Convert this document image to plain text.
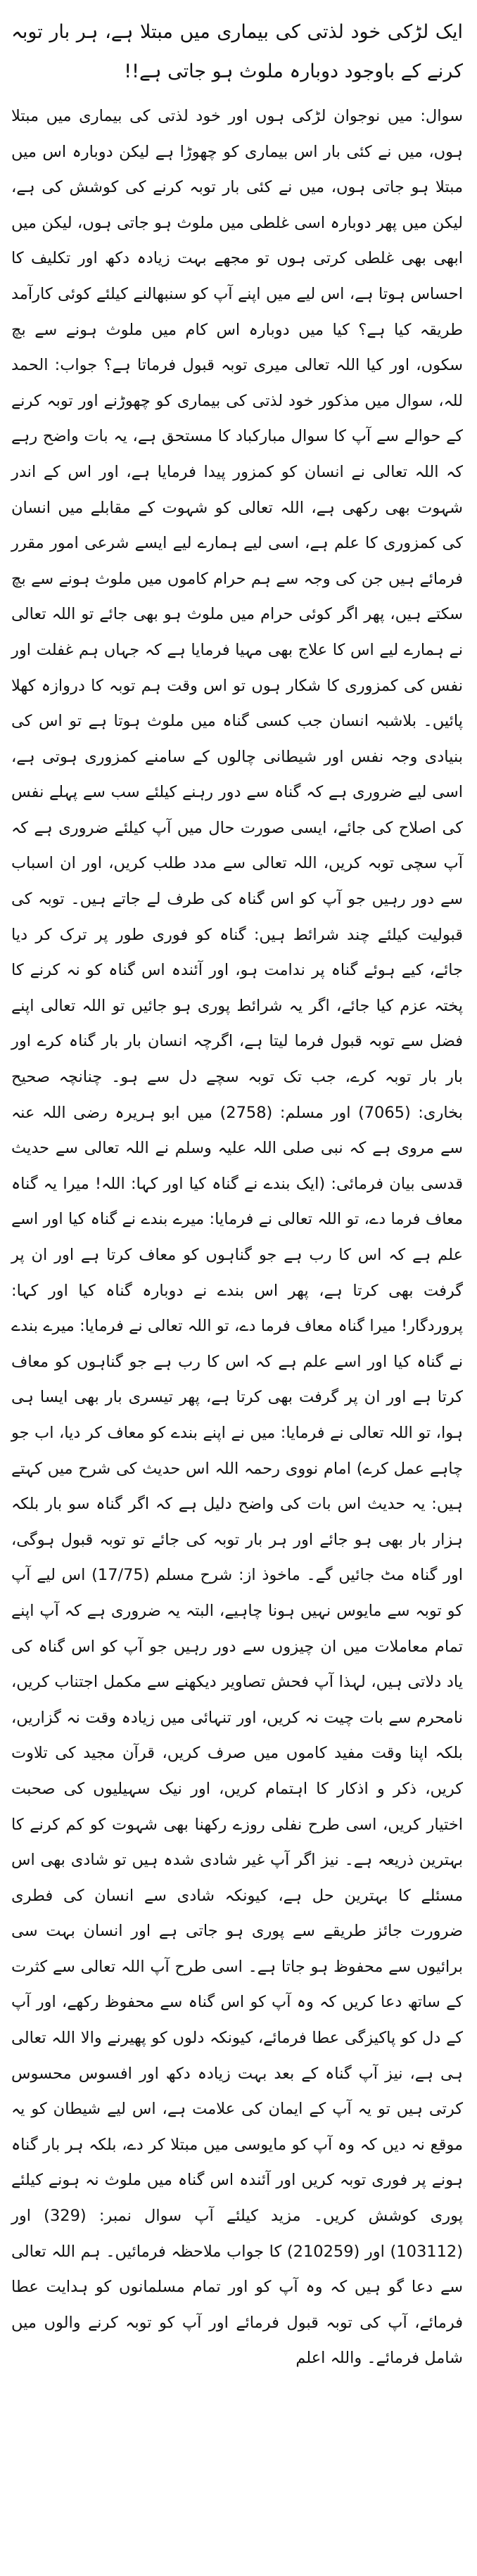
ایک لڑکی خود لذتی کی بیماری میں مبتلا ہے، ہر بار توبہ کرنے کے باوجود دوبارہ ملوث ہو جاتی ہے!!

سوال: میں نوجوان لڑکی ہوں اور خود لذتی کی بیماری میں مبتلا ہوں، میں نے کئی بار اس بیماری کو چھوڑا ہے لیکن دوبارہ اس میں مبتلا ہو جاتی ہوں، میں نے کئی بار توبہ کرنے کی کوشش کی ہے، لیکن میں پھر دوبارہ اسی غلطی میں ملوث ہو جاتی ہوں، لیکن میں ابھی بھی غلطی کرتی ہوں تو مجھے بہت زیادہ دکھ اور تکلیف کا احساس ہوتا ہے، اس لیے میں اپنے آپ کو سنبھالنے کیلئے کوئی کارآمد طریقہ کیا ہے؟ کیا میں دوبارہ اس کام میں ملوث ہونے سے بچ سکوں، اور کیا اللہ تعالی میری توبہ قبول فرماتا ہے؟ جواب: الحمد للہ، سوال میں مذکور خود لذتی کی بیماری کو چھوڑنے اور توبہ کرنے کے حوالے سے آپ کا سوال مبارکباد کا مستحق ہے، یہ بات واضح رہے کہ اللہ تعالی نے انسان کو کمزور پیدا فرمایا ہے، اور اس کے اندر شہوت بھی رکھی ہے، اللہ تعالی کو شہوت کے مقابلے میں انسان کی کمزوری کا علم ہے، اسی لیے ہمارے لیے ایسے شرعی امور مقرر فرمائے ہیں جن کی وجہ سے ہم حرام کاموں میں ملوث ہونے سے بچ سکتے ہیں، پھر اگر کوئی حرام میں ملوث ہو بھی جائے تو اللہ تعالی نے ہمارے لیے اس کا علاج بھی مہیا فرمایا ہے کہ جہاں ہم غفلت اور نفس کی کمزوری کا شکار ہوں تو اس وقت ہم توبہ کا دروازہ کھلا پائیں۔ بلاشبہ انسان جب کسی گناہ میں ملوث ہوتا ہے تو اس کی بنیادی وجہ نفس اور شیطانی چالوں کے سامنے کمزوری ہوتی ہے، اسی لیے ضروری ہے کہ گناہ سے دور رہنے کیلئے سب سے پہلے نفس کی اصلاح کی جائے، ایسی صورت حال میں آپ کیلئے ضروری ہے کہ آپ سچی توبہ کریں، اللہ تعالی سے مدد طلب کریں، اور ان اسباب سے دور رہیں جو آپ کو اس گناہ کی طرف لے جاتے ہیں۔ توبہ کی قبولیت کیلئے چند شرائط ہیں: گناہ کو فوری طور پر ترک کر دیا جائے، کیے ہوئے گناہ پر ندامت ہو، اور آئندہ اس گناہ کو نہ کرنے کا پختہ عزم کیا جائے، اگر یہ شرائط پوری ہو جائیں تو اللہ تعالی اپنے فضل سے توبہ قبول فرما لیتا ہے، اگرچہ انسان بار بار گناہ کرے اور بار بار توبہ کرے، جب تک توبہ سچے دل سے ہو۔ چنانچہ صحیح بخاری: (7065) اور مسلم: (2758) میں ابو ہریرہ رضی اللہ عنہ سے مروی ہے کہ نبی صلی اللہ علیہ وسلم نے اللہ تعالی سے حدیث قدسی بیان فرمائی: (ایک بندے نے گناہ کیا اور کہا: اللہ! میرا یہ گناہ معاف فرما دے، تو اللہ تعالی نے فرمایا: میرے بندے نے گناہ کیا اور اسے علم ہے کہ اس کا رب ہے جو گناہوں کو معاف کرتا ہے اور ان پر گرفت بھی کرتا ہے، پھر اس بندے نے دوبارہ گناہ کیا اور کہا: پروردگار! میرا گناہ معاف فرما دے، تو اللہ تعالی نے فرمایا: میرے بندے نے گناہ کیا اور اسے علم ہے کہ اس کا رب ہے جو گناہوں کو معاف کرتا ہے اور ان پر گرفت بھی کرتا ہے، پھر تیسری بار بھی ایسا ہی ہوا، تو اللہ تعالی نے فرمایا: میں نے اپنے بندے کو معاف کر دیا، اب جو چاہے عمل کرے) امام نووی رحمہ اللہ اس حدیث کی شرح میں کہتے ہیں: یہ حدیث اس بات کی واضح دلیل ہے کہ اگر گناہ سو بار بلکہ ہزار بار بھی ہو جائے اور ہر بار توبہ کی جائے تو توبہ قبول ہوگی، اور گناہ مٹ جائیں گے۔ ماخوذ از: شرح مسلم (17/75) اس لیے آپ کو توبہ سے مایوس نہیں ہونا چاہیے، البتہ یہ ضروری ہے کہ آپ اپنے تمام معاملات میں ان چیزوں سے دور رہیں جو آپ کو اس گناہ کی یاد دلاتی ہیں، لہذا آپ فحش تصاویر دیکھنے سے مکمل اجتناب کریں، نامحرم سے بات چیت نہ کریں، اور تنہائی میں زیادہ وقت نہ گزاریں، بلکہ اپنا وقت مفید کاموں میں صرف کریں، قرآن مجید کی تلاوت کریں، ذکر و اذکار کا اہتمام کریں، اور نیک سہیلیوں کی صحبت اختیار کریں، اسی طرح نفلی روزے رکھنا بھی شہوت کو کم کرنے کا بہترین ذریعہ ہے۔ نیز اگر آپ غیر شادی شدہ ہیں تو شادی بھی اس مسئلے کا بہترین حل ہے، کیونکہ شادی سے انسان کی فطری ضرورت جائز طریقے سے پوری ہو جاتی ہے اور انسان بہت سی برائیوں سے محفوظ ہو جاتا ہے۔ اسی طرح آپ اللہ تعالی سے کثرت کے ساتھ دعا کریں کہ وہ آپ کو اس گناہ سے محفوظ رکھے، اور آپ کے دل کو پاکیزگی عطا فرمائے، کیونکہ دلوں کو پھیرنے والا اللہ تعالی ہی ہے، نیز آپ گناہ کے بعد بہت زیادہ دکھ اور افسوس محسوس کرتی ہیں تو یہ آپ کے ایمان کی علامت ہے، اس لیے شیطان کو یہ موقع نہ دیں کہ وہ آپ کو مایوسی میں مبتلا کر دے، بلکہ ہر بار گناہ ہونے پر فوری توبہ کریں اور آئندہ اس گناہ میں ملوث نہ ہونے کیلئے پوری کوشش کریں۔ مزید کیلئے آپ سوال نمبر: (329) اور (103112) اور (210259) کا جواب ملاحظہ فرمائیں۔ ہم اللہ تعالی سے دعا گو ہیں کہ وہ آپ کو اور تمام مسلمانوں کو ہدایت عطا فرمائے، آپ کی توبہ قبول فرمائے اور آپ کو توبہ کرنے والوں میں شامل فرمائے۔ واللہ اعلم
